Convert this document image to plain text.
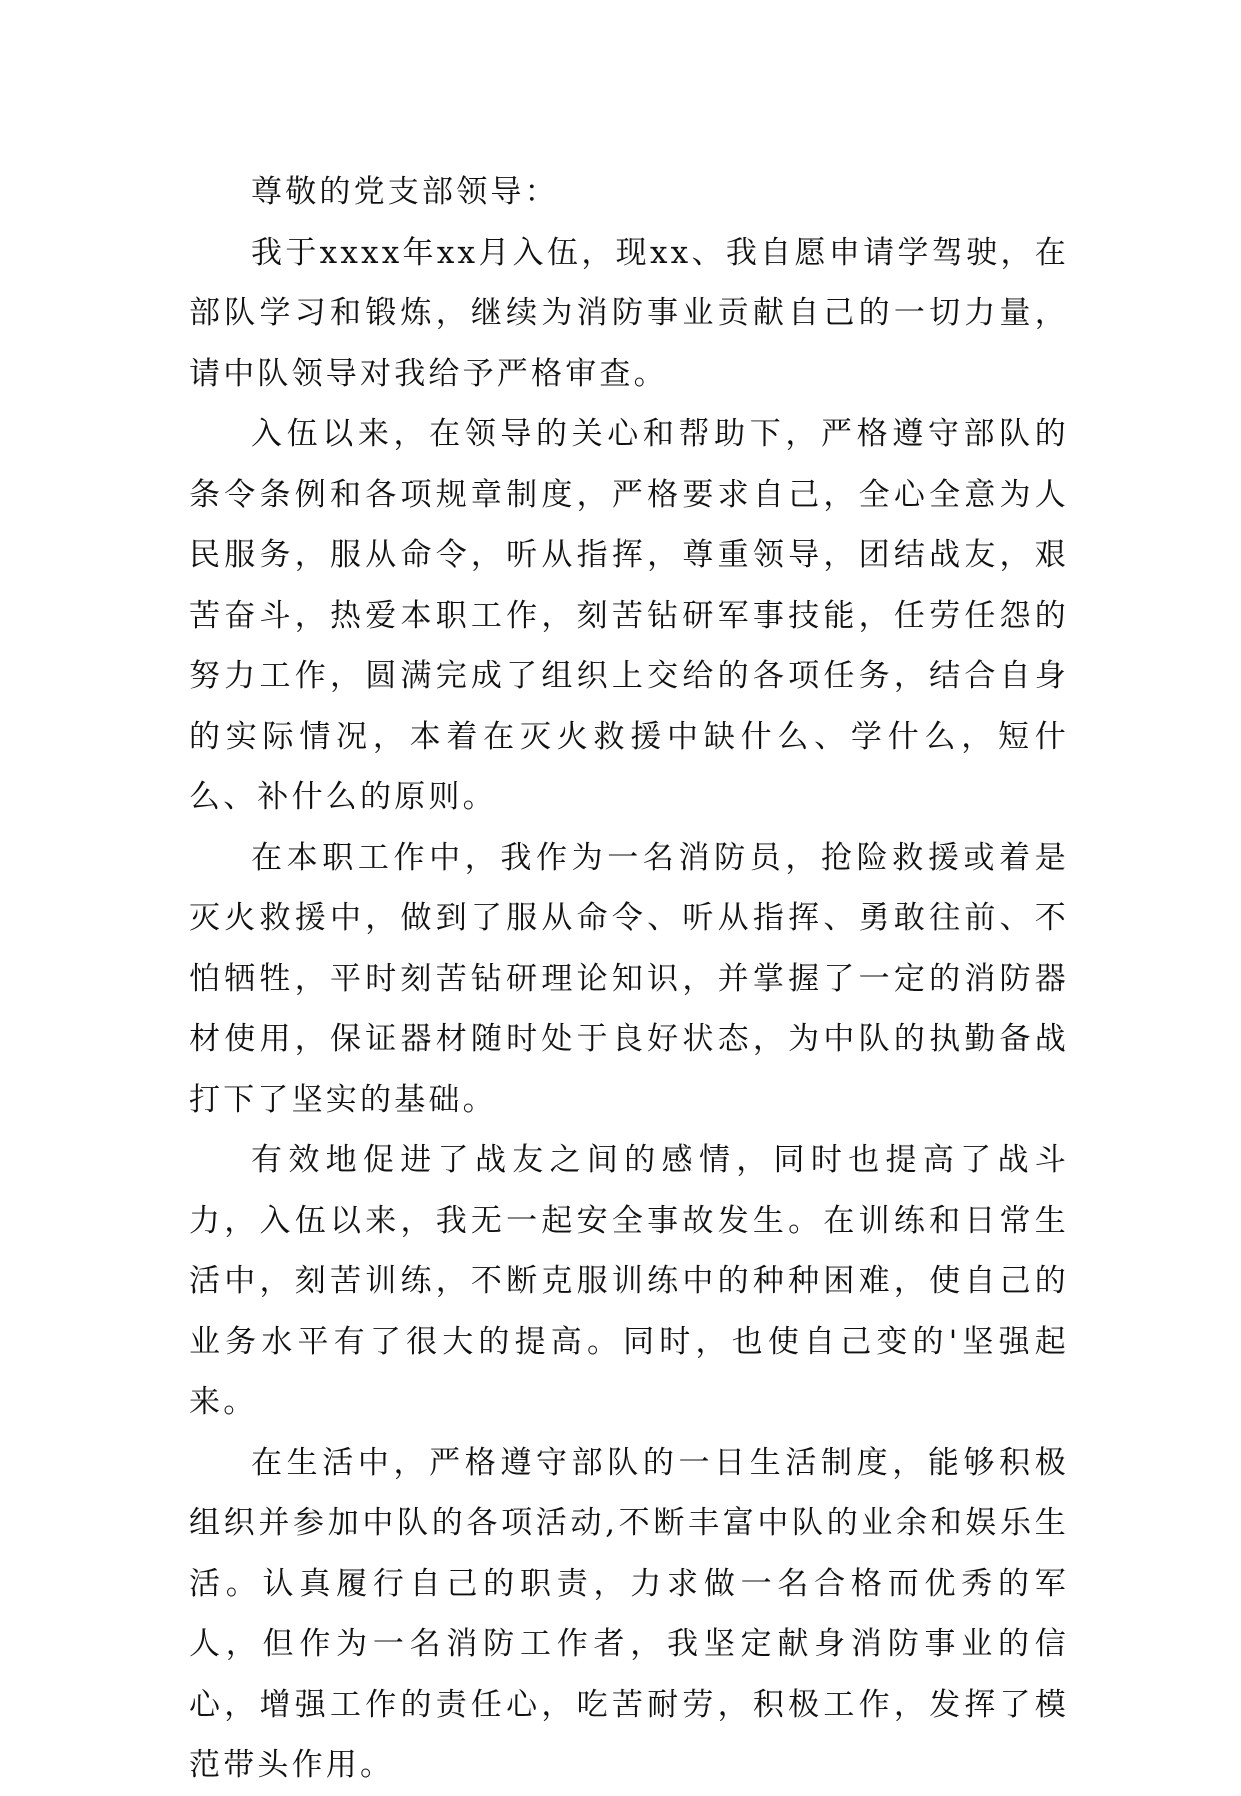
尊敬的党支部领导：

我于xxxx年xx月入伍，现xx、我自愿申请学驾驶，在部队学习和锻炼，继续为消防事业贡献自己的一切力量，请中队领导对我给予严格审查。

入伍以来，在领导的关心和帮助下，严格遵守部队的条令条例和各项规章制度，严格要求自己，全心全意为人民服务，服从命令，听从指挥，尊重领导，团结战友，艰苦奋斗，热爱本职工作，刻苦钻研军事技能，任劳任怨的努力工作，圆满完成了组织上交给的各项任务，结合自身的实际情况，本着在灭火救援中缺什么、学什么，短什么、补什么的原则。

在本职工作中，我作为一名消防员，抢险救援或着是灭火救援中，做到了服从命令、听从指挥、勇敢往前、不怕牺牲，平时刻苦钻研理论知识，并掌握了一定的消防器材使用，保证器材随时处于良好状态，为中队的执勤备战打下了坚实的基础。

有效地促进了战友之间的感情，同时也提高了战斗力，入伍以来，我无一起安全事故发生。在训练和日常生活中，刻苦训练，不断克服训练中的种种困难，使自己的业务水平有了很大的提高。同时，也使自己变的'坚强起来。

在生活中，严格遵守部队的一日生活制度，能够积极组织并参加中队的各项活动,不断丰富中队的业余和娱乐生活。认真履行自己的职责，力求做一名合格而优秀的军人，但作为一名消防工作者，我坚定献身消防事业的信心，增强工作的责任心，吃苦耐劳，积极工作，发挥了模范带头作用。
